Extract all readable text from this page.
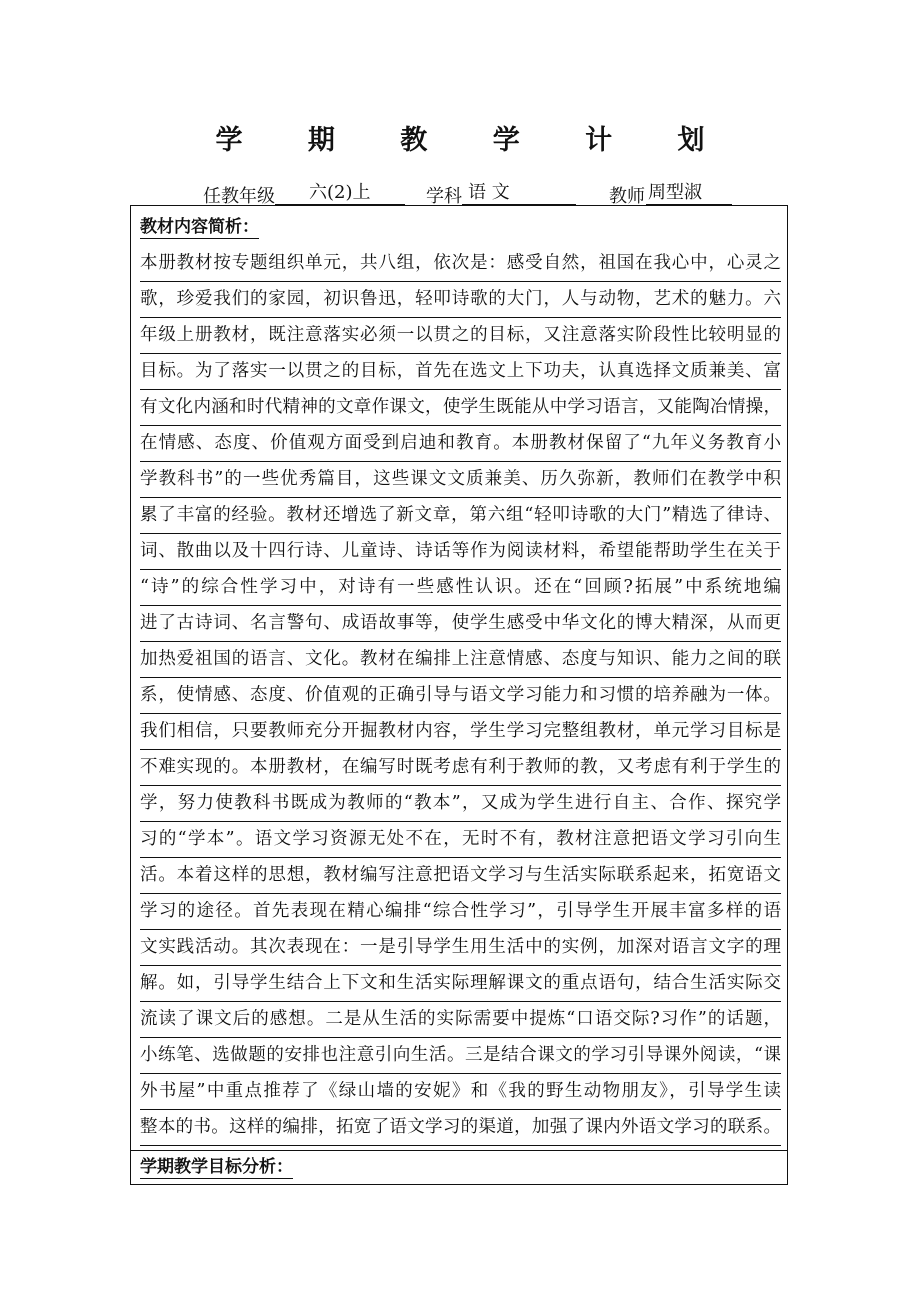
学 期 教 学 计 划
任教年级	六(2)上	学科 语 文	教师 周型淑
教材内容简析：
本册教材按专题组织单元，共八组，依次是：感受自然，祖国在我心中，心灵之
歌，珍爱我们的家园，初识鲁迅，轻叩诗歌的大门，人与动物，艺术的魅力。六
年级上册教材，既注意落实必须一以贯之的目标，又注意落实阶段性比较明显的
目标。为了落实一以贯之的目标，首先在选文上下功夫，认真选择文质兼美、富
有文化内涵和时代精神的文章作课文，使学生既能从中学习语言，又能陶冶情操，
在情感、态度、价值观方面受到启迪和教育。本册教材保留了“九年义务教育小
学教科书”的一些优秀篇目，这些课文文质兼美、历久弥新，教师们在教学中积
累了丰富的经验。教材还增选了新文章，第六组“轻叩诗歌的大门”精选了律诗、
词、散曲以及十四行诗、儿童诗、诗话等作为阅读材料，希望能帮助学生在关于
“诗”的综合性学习中，对诗有一些感性认识。还在“回顾?拓展”中系统地编
进了古诗词、名言警句、成语故事等，使学生感受中华文化的博大精深，从而更
加热爱祖国的语言、文化。教材在编排上注意情感、态度与知识、能力之间的联
系，使情感、态度、价值观的正确引导与语文学习能力和习惯的培养融为一体。
我们相信，只要教师充分开掘教材内容，学生学习完整组教材，单元学习目标是
不难实现的。本册教材，在编写时既考虑有利于教师的教，又考虑有利于学生的
学，努力使教科书既成为教师的“教本”，又成为学生进行自主、合作、探究学
习的“学本”。语文学习资源无处不在，无时不有，教材注意把语文学习引向生
活。本着这样的思想，教材编写注意把语文学习与生活实际联系起来，拓宽语文
学习的途径。首先表现在精心编排“综合性学习”，引导学生开展丰富多样的语
文实践活动。其次表现在：一是引导学生用生活中的实例，加深对语言文字的理
解。如，引导学生结合上下文和生活实际理解课文的重点语句，结合生活实际交
流读了课文后的感想。二是从生活的实际需要中提炼“口语交际?习作”的话题，
小练笔、选做题的安排也注意引向生活。三是结合课文的学习引导课外阅读，“课
外书屋”中重点推荐了《绿山墙的安妮》和《我的野生动物朋友》，引导学生读
整本的书。这样的编排，拓宽了语文学习的渠道，加强了课内外语文学习的联系。
学期教学目标分析：
